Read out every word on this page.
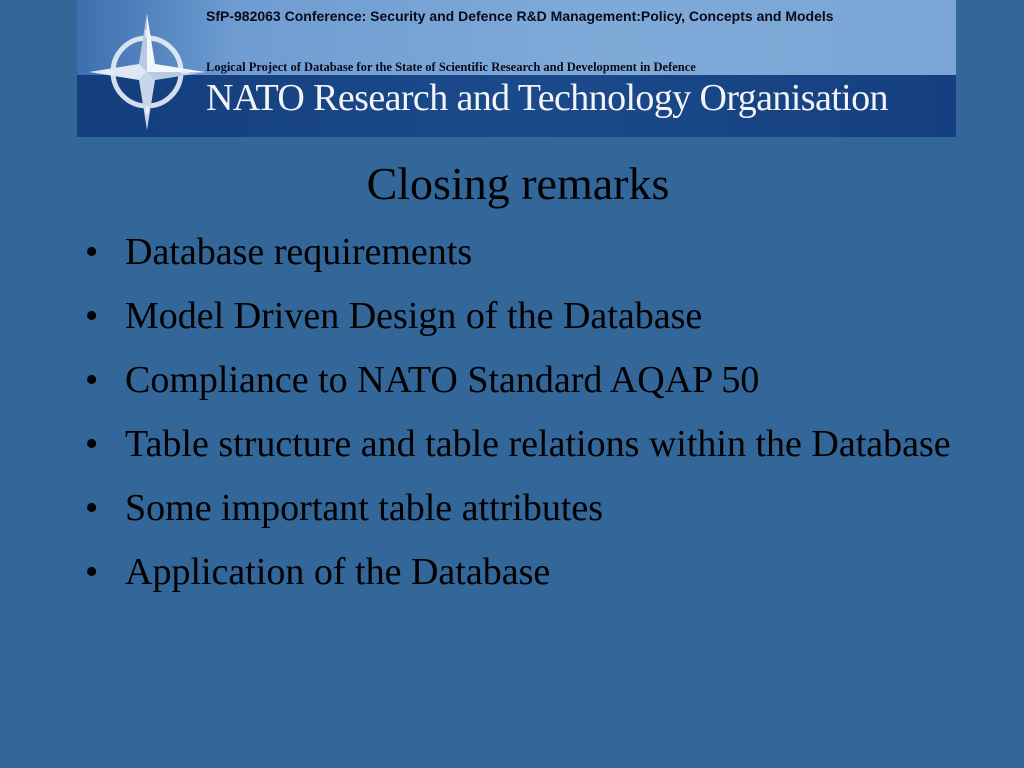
SfP-982063 Conference: Security and Defence R&D Management:Policy, Concepts and Models
Logical Project of Database for the State of Scientific Research and Development in Defence
NATO Research and Technology Organisation
Closing remarks
• Database requirements
• Model Driven Design of the Database
• Compliance to NATO Standard AQAP 50
• Table structure and table relations within the Database
• Some important table attributes
• Application of the Database
